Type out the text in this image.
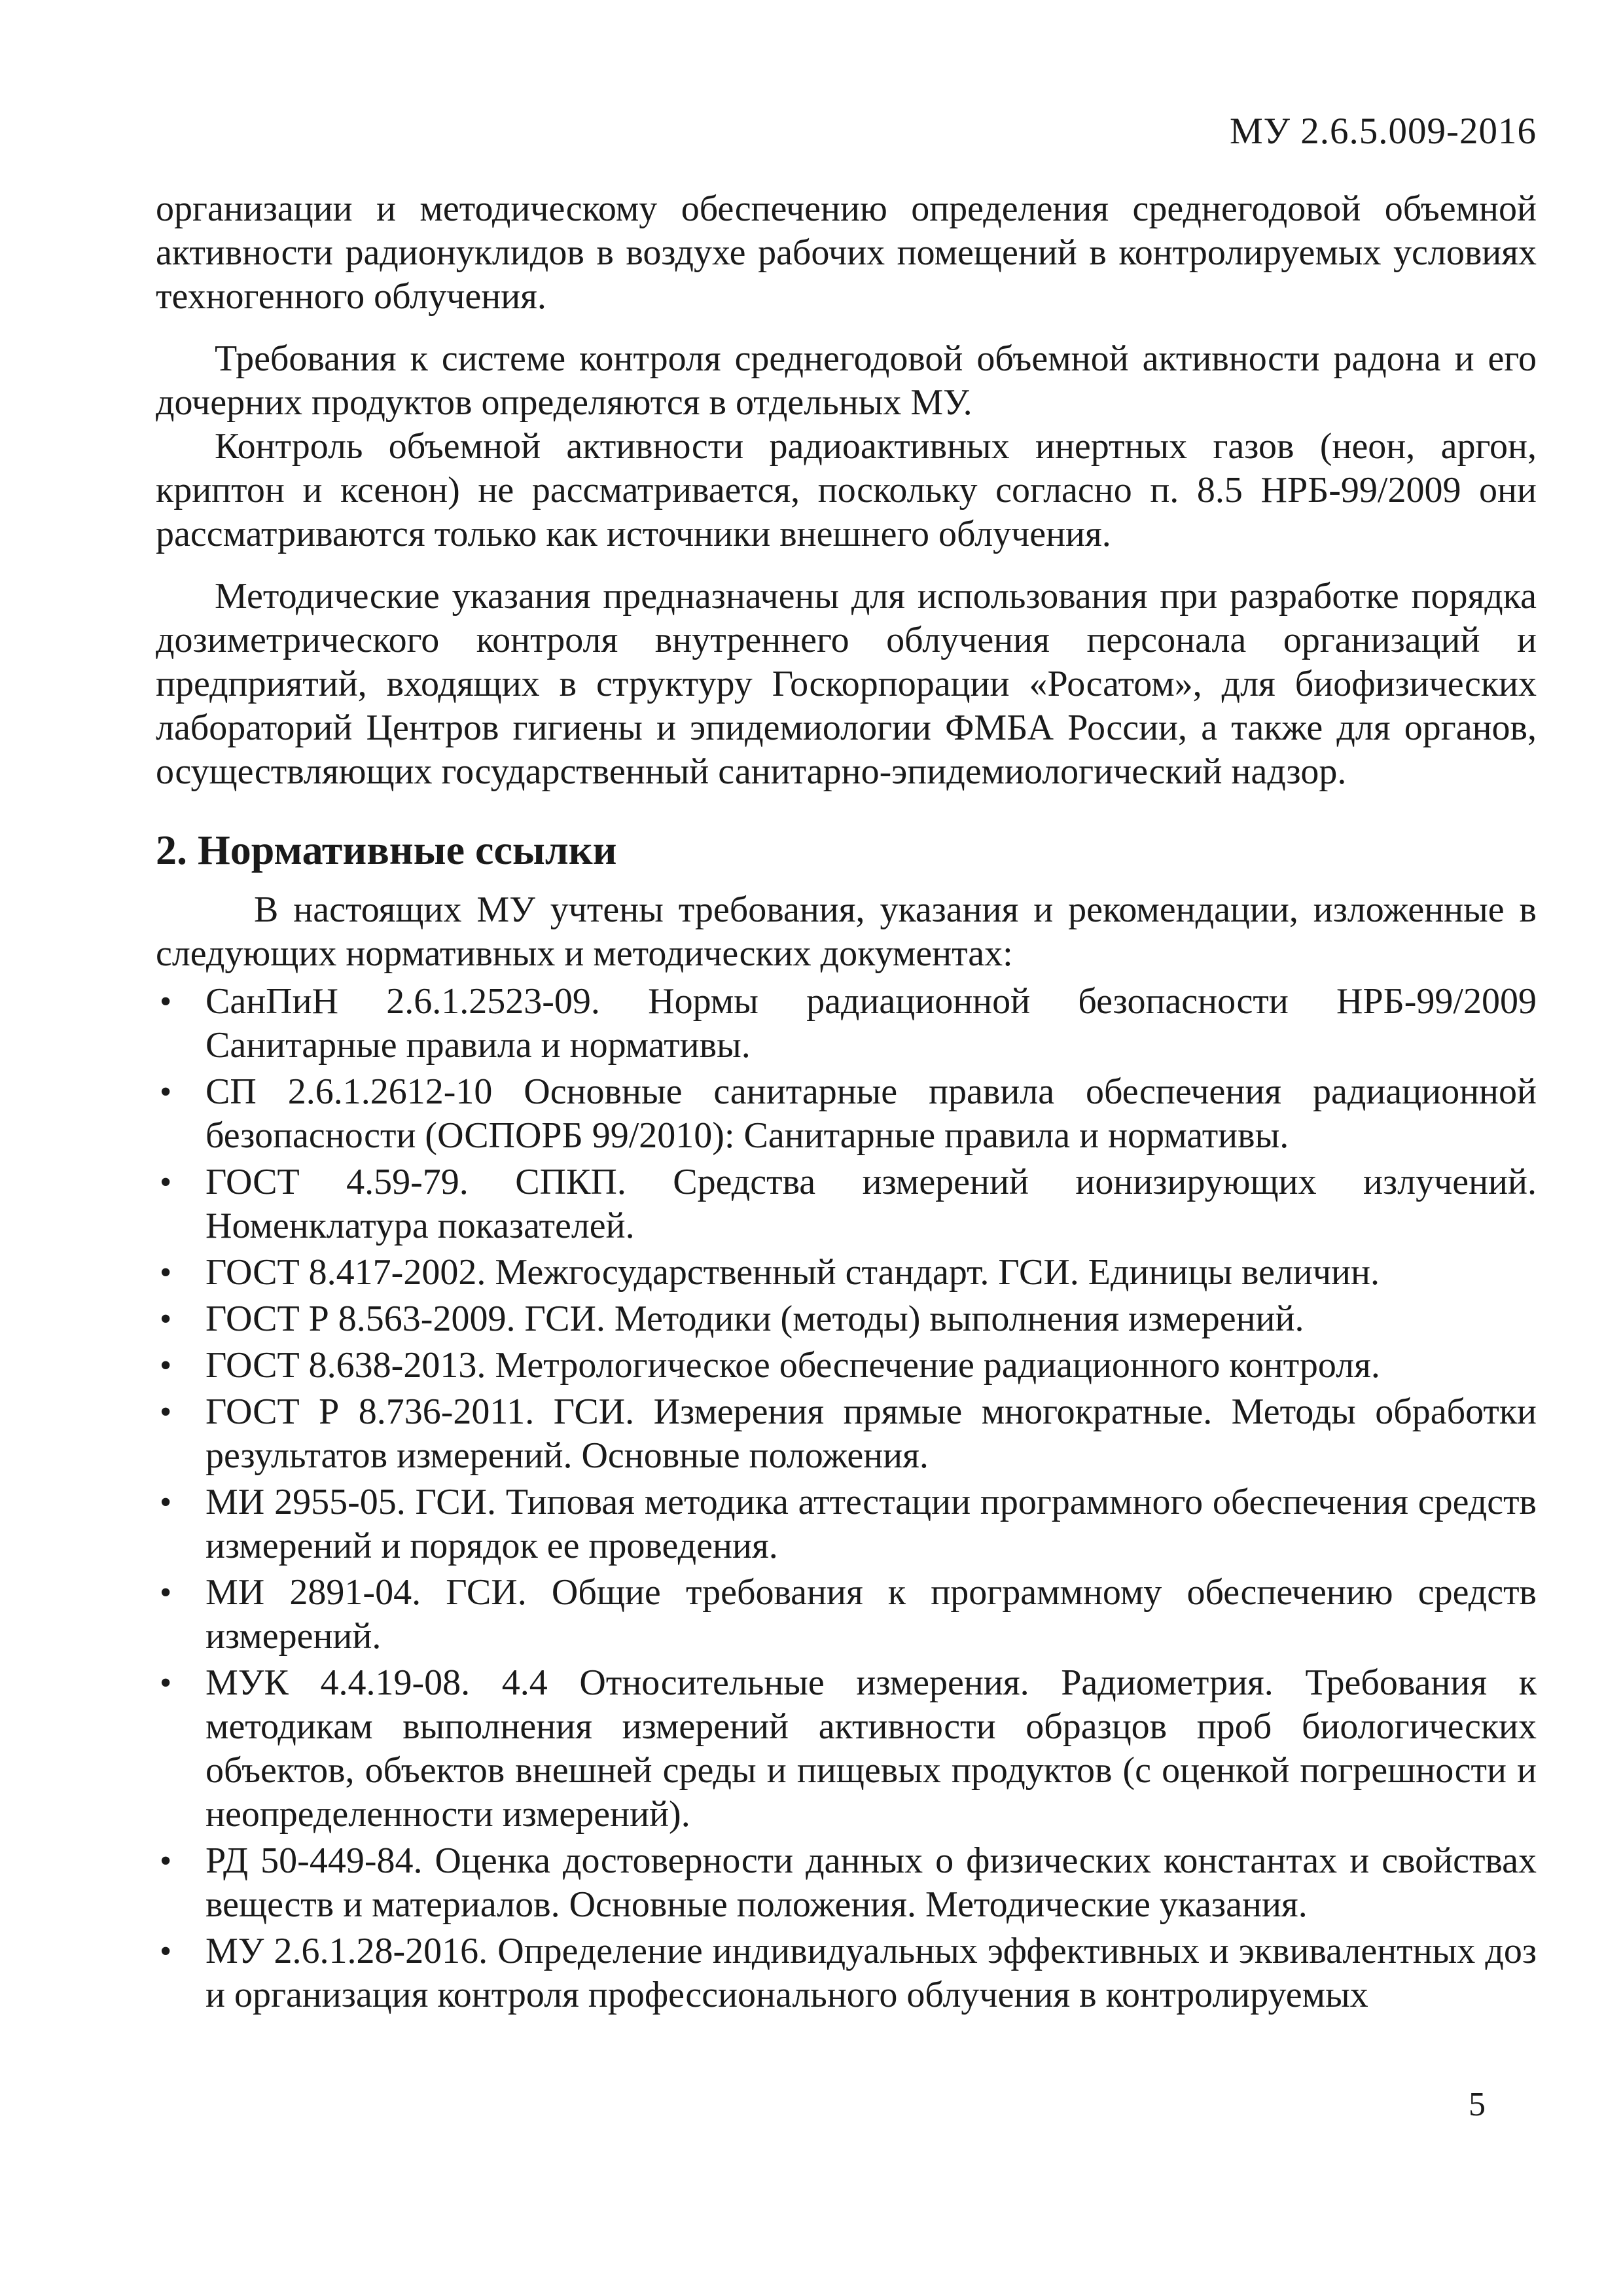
МУ 2.6.5.009-2016

организации и методическому обеспечению определения среднегодовой объемной активности радионуклидов в воздухе рабочих помещений в контролируемых условиях техногенного облучения.

Требования к системе контроля среднегодовой объемной активности радона и его дочерних продуктов определяются в отдельных МУ.

Контроль объемной активности радиоактивных инертных газов (неон, аргон, криптон и ксенон) не рассматривается, поскольку согласно п. 8.5 НРБ-99/2009 они рассматриваются только как источники внешнего облучения.

Методические указания предназначены для использования при разработке порядка дозиметрического контроля внутреннего облучения персонала организаций и предприятий, входящих в структуру Госкорпорации «Росатом», для биофизических лабораторий Центров гигиены и эпидемиологии ФМБА России, а также для органов, осуществляющих государственный санитарно-эпидемиологический надзор.

2. Нормативные ссылки

В настоящих МУ учтены требования, указания и рекомендации, изложенные в следующих нормативных и методических документах:

• СанПиН 2.6.1.2523-09. Нормы радиационной безопасности НРБ-99/2009 Санитарные правила и нормативы.
• СП 2.6.1.2612-10 Основные санитарные правила обеспечения радиационной безопасности (ОСПОРБ 99/2010): Санитарные правила и нормативы.
• ГОСТ 4.59-79. СПКП. Средства измерений ионизирующих излучений. Номенклатура показателей.
• ГОСТ 8.417-2002. Межгосударственный стандарт. ГСИ. Единицы величин.
• ГОСТ Р 8.563-2009. ГСИ. Методики (методы) выполнения измерений.
• ГОСТ 8.638-2013. Метрологическое обеспечение радиационного контроля.
• ГОСТ Р 8.736-2011. ГСИ. Измерения прямые многократные. Методы обработки результатов измерений. Основные положения.
• МИ 2955-05. ГСИ. Типовая методика аттестации программного обеспечения средств измерений и порядок ее проведения.
• МИ 2891-04. ГСИ. Общие требования к программному обеспечению средств измерений.
• МУК 4.4.19-08. 4.4 Относительные измерения. Радиометрия. Требования к методикам выполнения измерений активности образцов проб биологических объектов, объектов внешней среды и пищевых продуктов (с оценкой погрешности и неопределенности измерений).
• РД 50-449-84. Оценка достоверности данных о физических константах и свойствах веществ и материалов. Основные положения. Методические указания.
• МУ 2.6.1.28-2016. Определение индивидуальных эффективных и эквивалентных доз и организация контроля профессионального облучения в контролируемых
5
